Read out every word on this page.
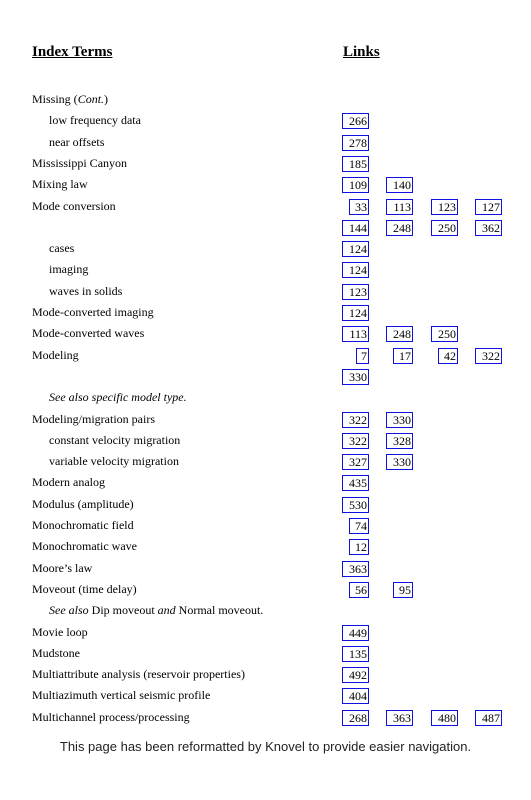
Index Terms	Links
Missing (Cont.)
low frequency data	266
near offsets	278
Mississippi Canyon	185
Mixing law	109	140
Mode conversion	33	113	123	127
144	248	250	362
cases	124
imaging	124
waves in solids	123
Mode-converted imaging	124
Mode-converted waves	113	248	250
Modeling	7	17	42	322
330
See also specific model type.
Modeling/migration pairs	322	330
constant velocity migration	322	328
variable velocity migration	327	330
Modern analog	435
Modulus (amplitude)	530
Monochromatic field	74
Monochromatic wave	12
Moore’s law	363
Moveout (time delay)	56	95
See also Dip moveout and Normal moveout.
Movie loop	449
Mudstone	135
Multiattribute analysis (reservoir properties)	492
Multiazimuth vertical seismic profile	404
Multichannel process/processing	268	363	480	487
This page has been reformatted by Knovel to provide easier navigation.
